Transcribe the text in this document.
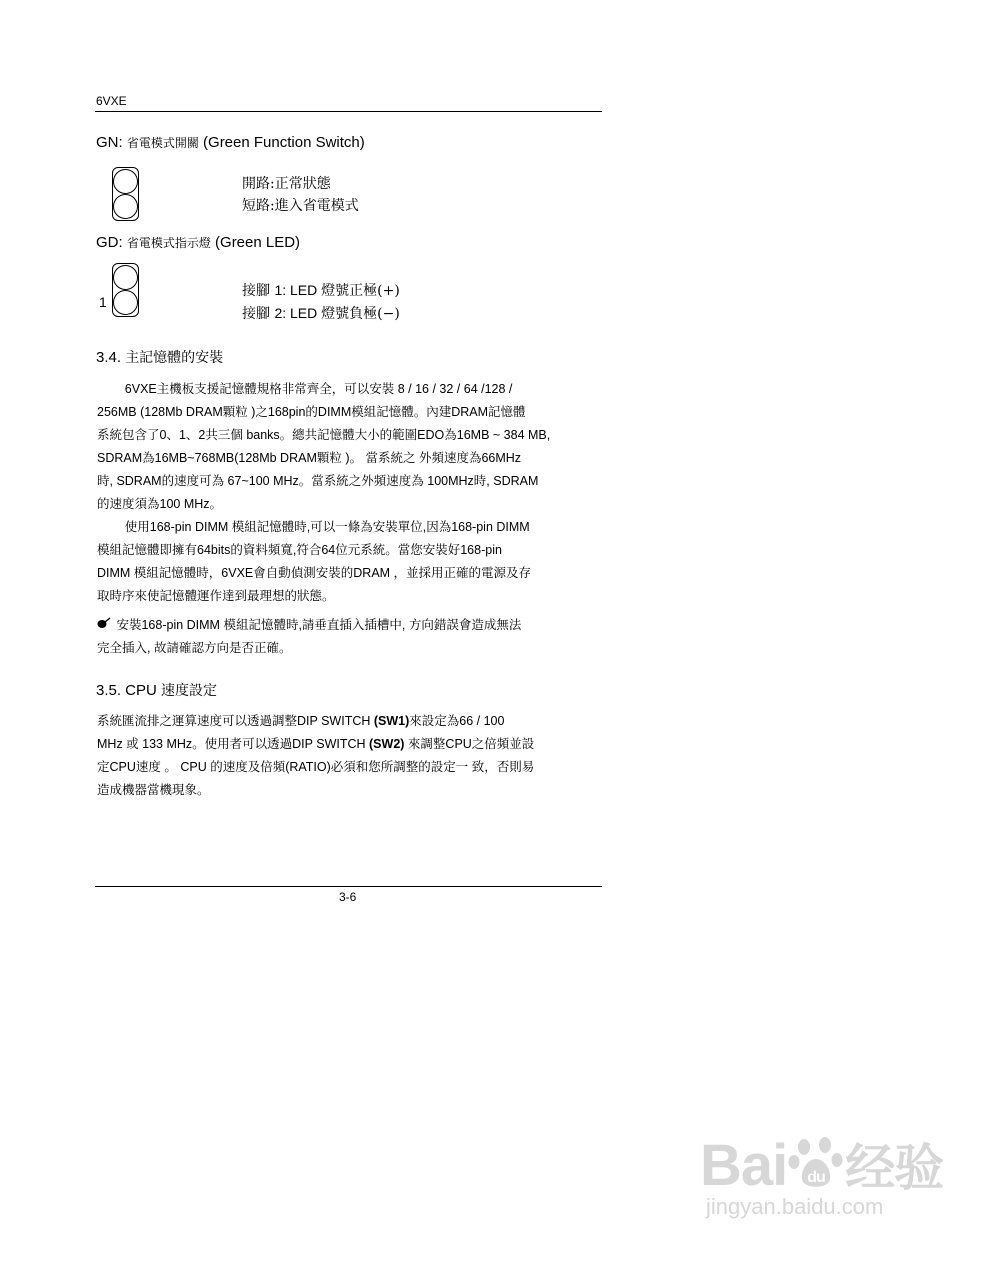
6VXE
GN: 省電模式開關 (Green Function Switch)
開路:正常狀態
短路:進入省電模式
GD: 省電模式指示燈 (Green LED)
1
接腳 1: LED 燈號正極(+)
接腳 2: LED 燈號負極(−)
3.4. 主記憶體的安裝
6VXE主機板支援記憶體規格非常齊全，可以安裝 8 / 16 / 32 / 64 /128 /
256MB (128Mb DRAM顆粒 )之168pin的DIMM模組記憶體。內建DRAM記憶體
系統包含了0、1、2共三個 banks。總共記憶體大小的範圍EDO為16MB ~ 384 MB,
SDRAM為16MB~768MB(128Mb DRAM顆粒 )。 當系統之 外頻速度為66MHz
時, SDRAM的速度可為 67~100 MHz。當系統之外頻速度為 100MHz時, SDRAM
的速度須為100 MHz。
使用168-pin DIMM 模組記憶體時,可以一條為安裝單位,因為168-pin DIMM
模組記憶體即擁有64bits的資料頻寬,符合64位元系統。當您安裝好168-pin
DIMM 模組記憶體時，6VXE會自動偵測安裝的DRAM ，並採用正確的電源及存
取時序來使記憶體運作達到最理想的狀態。
安裝168-pin DIMM 模組記憶體時,請垂直插入插槽中, 方向錯誤會造成無法
完全插入, 故請確認方向是否正確。
3.5. CPU 速度設定
系統匯流排之運算速度可以透過調整DIP SWITCH (SW1)來設定為66 / 100
MHz 或 133 MHz。使用者可以透過DIP SWITCH (SW2) 來調整CPU之倍頻並設
定CPU速度 。 CPU 的速度及倍頻(RATIO)必須和您所調整的設定一 致，否則易
造成機器當機現象。
3-6
Bai du 经验
jingyan.baidu.com
